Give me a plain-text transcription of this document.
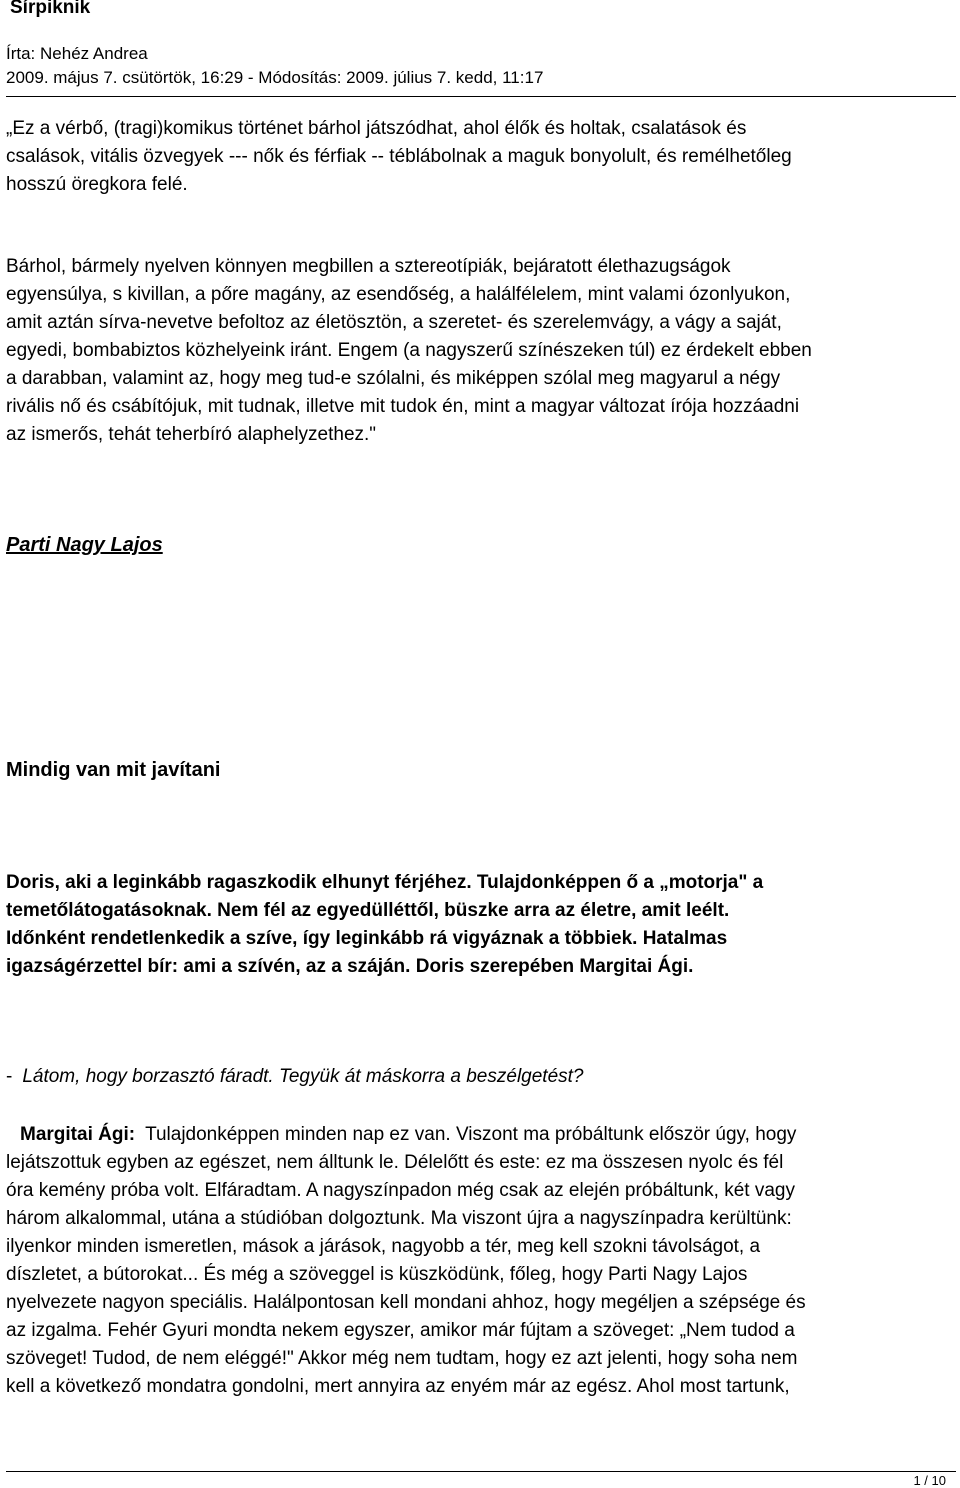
Sírpiknik
Írta: Nehéz Andrea
2009. május 7. csütörtök, 16:29 - Módosítás: 2009. július 7. kedd, 11:17
„Ez a vérbő, (tragi)komikus történet bárhol játszódhat, ahol élők és holtak, csalatások és
csalások, vitális özvegyek --- nők és férfiak -- téblábolnak a maguk bonyolult, és remélhetőleg
hosszú öregkora felé.
Bárhol, bármely nyelven könnyen megbillen a sztereotípiák, bejáratott élethazugságok
egyensúlya, s kivillan, a pőre magány, az esendőség, a halálfélelem, mint valami ózonlyukon,
amit aztán sírva-nevetve befoltoz az életösztön, a szeretet- és szerelemvágy, a vágy a saját,
egyedi, bombabiztos közhelyeink iránt. Engem (a nagyszerű színészeken túl) ez érdekelt ebben
a darabban, valamint az, hogy meg tud-e szólalni, és miképpen szólal meg magyarul a négy
rivális nő és csábítójuk, mit tudnak, illetve mit tudok én, mint a magyar változat írója hozzáadni
az ismerős, tehát teherbíró alaphelyzethez."
Parti Nagy Lajos
Mindig van mit javítani
Doris, aki a leginkább ragaszkodik elhunyt férjéhez. Tulajdonképpen ő a „motorja" a
temetőlátogatásoknak. Nem fél az egyedülléttől, büszke arra az életre, amit leélt.
Időnként rendetlenkedik a szíve, így leginkább rá vigyáznak a többiek. Hatalmas
igazságérzettel bír: ami a szívén, az a száján. Doris szerepében Margitai Ági.
- Látom, hogy borzasztó fáradt. Tegyük át máskorra a beszélgetést?
Margitai Ági: Tulajdonképpen minden nap ez van. Viszont ma próbáltunk először úgy, hogy
lejátszottuk egyben az egészet, nem álltunk le. Délelőtt és este: ez ma összesen nyolc és fél
óra kemény próba volt. Elfáradtam. A nagyszínpadon még csak az elején próbáltunk, két vagy
három alkalommal, utána a stúdióban dolgoztunk. Ma viszont újra a nagyszínpadra kerültünk:
ilyenkor minden ismeretlen, mások a járások, nagyobb a tér, meg kell szokni távolságot, a
díszletet, a bútorokat... És még a szöveggel is küszködünk, főleg, hogy Parti Nagy Lajos
nyelvezete nagyon speciális. Halálpontosan kell mondani ahhoz, hogy megéljen a szépsége és
az izgalma. Fehér Gyuri mondta nekem egyszer, amikor már fújtam a szöveget: „Nem tudod a
szöveget! Tudod, de nem eléggé!" Akkor még nem tudtam, hogy ez azt jelenti, hogy soha nem
kell a következő mondatra gondolni, mert annyira az enyém már az egész. Ahol most tartunk,
1 / 10
